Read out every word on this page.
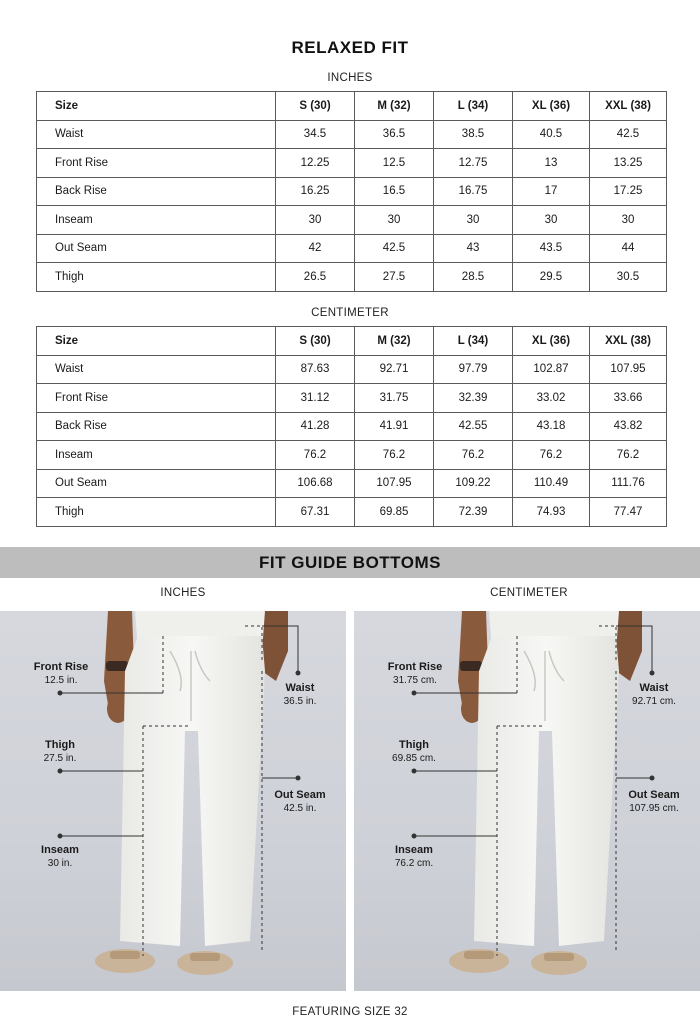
RELAXED FIT
INCHES
Size	S (30)	M (32)	L (34)	XL (36)	XXL (38)
Waist	34.5	36.5	38.5	40.5	42.5
Front Rise	12.25	12.5	12.75	13	13.25
Back Rise	16.25	16.5	16.75	17	17.25
Inseam	30	30	30	30	30
Out Seam	42	42.5	43	43.5	44
Thigh	26.5	27.5	28.5	29.5	30.5
CENTIMETER
Size	S (30)	M (32)	L (34)	XL (36)	XXL (38)
Waist	87.63	92.71	97.79	102.87	107.95
Front Rise	31.12	31.75	32.39	33.02	33.66
Back Rise	41.28	41.91	42.55	43.18	43.82
Inseam	76.2	76.2	76.2	76.2	76.2
Out Seam	106.68	107.95	109.22	110.49	111.76
Thigh	67.31	69.85	72.39	74.93	77.47
FIT GUIDE BOTTOMS
INCHES	CENTIMETER
Front Rise
12.5 in.
Waist
36.5 in.
Thigh
27.5 in.
Out Seam
42.5 in.
Inseam
30 in.
Front Rise
31.75 cm.
Waist
92.71 cm.
Thigh
69.85 cm.
Out Seam
107.95 cm.
Inseam
76.2 cm.
FEATURING SIZE 32
